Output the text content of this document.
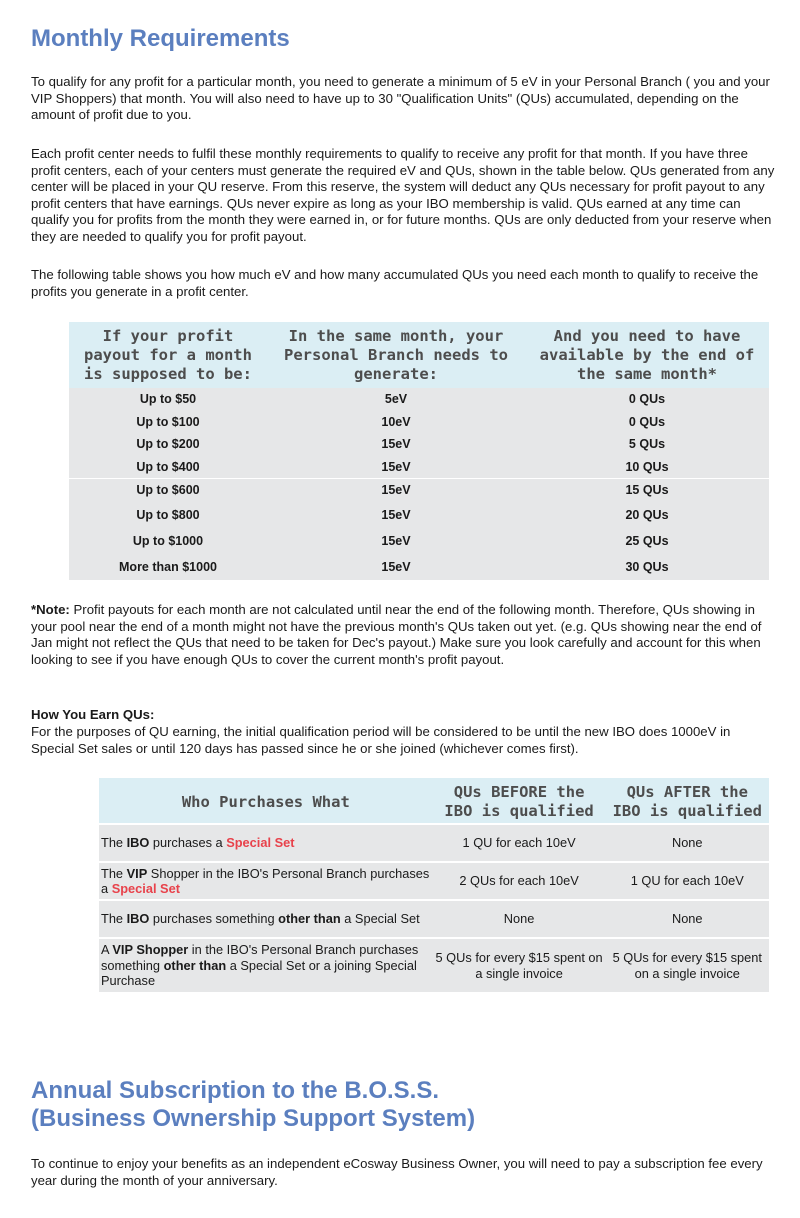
Monthly Requirements
To qualify for any profit for a particular month, you need to generate a minimum of 5 eV in your Personal Branch ( you and your VIP Shoppers) that month. You will also need to have up to 30 "Qualification Units" (QUs) accumulated, depending on the amount of profit due to you.
Each profit center needs to fulfil these monthly requirements to qualify to receive any profit for that month. If you have three profit centers, each of your centers must generate the required eV and QUs, shown in the table below. QUs generated from any center will be placed in your QU reserve. From this reserve, the system will deduct any QUs necessary for profit payout to any profit centers that have earnings. QUs never expire as long as your IBO membership is valid. QUs earned at any time can qualify you for profits from the month they were earned in, or for future months. QUs are only deducted from your reserve when they are needed to qualify you for profit payout.
The following table shows you how much eV and how many accumulated QUs you need each month to qualify to receive the profits you generate in a profit center.
If your profit payout for a month is supposed to be:	In the same month, your Personal Branch needs to generate:	And you need to have available by the end of the same month*
Up to $50	5eV	0 QUs
Up to $100	10eV	0 QUs
Up to $200	15eV	5 QUs
Up to $400	15eV	10 QUs
Up to $600	15eV	15 QUs
Up to $800	15eV	20 QUs
Up to $1000	15eV	25 QUs
More than $1000	15eV	30 QUs
*Note: Profit payouts for each month are not calculated until near the end of the following month. Therefore, QUs showing in your pool near the end of a month might not have the previous month's QUs taken out yet. (e.g. QUs showing near the end of Jan might not reflect the QUs that need to be taken for Dec's payout.) Make sure you look carefully and account for this when looking to see if you have enough QUs to cover the current month's profit payout.
How You Earn QUs:
For the purposes of QU earning, the initial qualification period will be considered to be until the new IBO does 1000eV in Special Set sales or until 120 days has passed since he or she joined (whichever comes first).
Who Purchases What	QUs BEFORE the IBO is qualified	QUs AFTER the IBO is qualified
The IBO purchases a Special Set	1 QU for each 10eV	None
The VIP Shopper in the IBO's Personal Branch purchases a Special Set	2 QUs for each 10eV	1 QU for each 10eV
The IBO purchases something other than a Special Set	None	None
A VIP Shopper in the IBO's Personal Branch purchases something other than a Special Set or a joining Special Purchase	5 QUs for every $15 spent on a single invoice	5 QUs for every $15 spent on a single invoice
Annual Subscription to the B.O.S.S. (Business Ownership Support System)
To continue to enjoy your benefits as an independent eCosway Business Owner, you will need to pay a subscription fee every year during the month of your anniversary.
